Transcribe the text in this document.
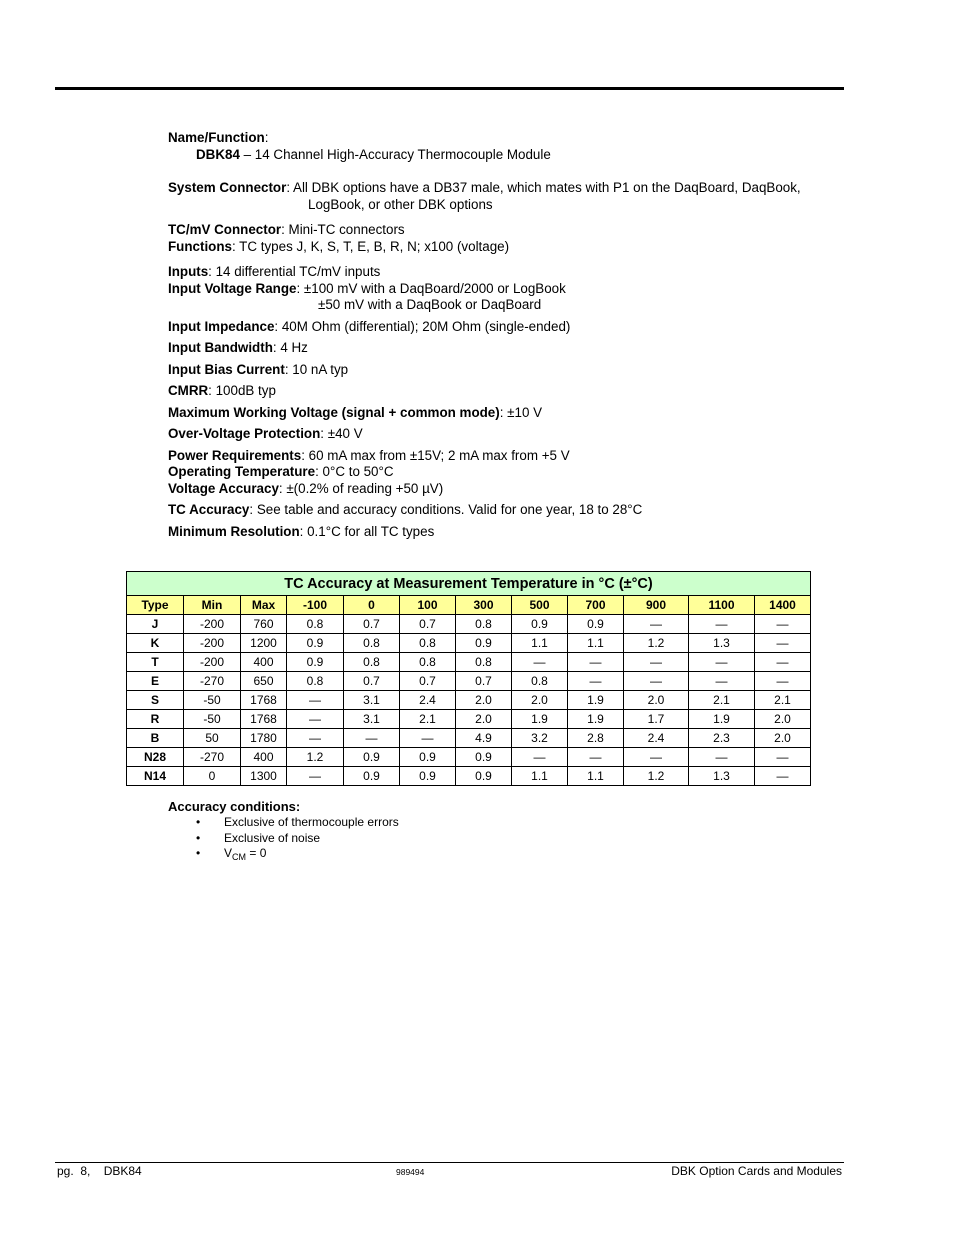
Name/Function:
DBK84 – 14 Channel High-Accuracy Thermocouple Module
System Connector: All DBK options have a DB37 male, which mates with P1 on the DaqBoard, DaqBook,
LogBook, or other DBK options
TC/mV Connector: Mini-TC connectors
Functions: TC types J, K, S, T, E, B, R, N; x100 (voltage)
Inputs: 14 differential TC/mV inputs
Input Voltage Range: ±100 mV with a DaqBoard/2000 or LogBook
±50 mV with a DaqBook or DaqBoard
Input Impedance: 40M Ohm (differential); 20M Ohm (single-ended)
Input Bandwidth: 4 Hz
Input Bias Current: 10 nA typ
CMRR: 100dB typ
Maximum Working Voltage (signal + common mode): ±10 V
Over-Voltage Protection: ±40 V
Power Requirements: 60 mA max from ±15V; 2 mA max from +5 V
Operating Temperature: 0°C to 50°C
Voltage Accuracy: ±(0.2% of reading +50 µV)
TC Accuracy: See table and accuracy conditions. Valid for one year, 18 to 28°C
Minimum Resolution: 0.1°C for all TC types
TC Accuracy at Measurement Temperature in °C (±°C)											
Type	Min	Max	-100	0	100	300	500	700	900	1100	1400
J	-200	760	0.8	0.7	0.7	0.8	0.9	0.9	—	—	—
K	-200	1200	0.9	0.8	0.8	0.9	1.1	1.1	1.2	1.3	—
T	-200	400	0.9	0.8	0.8	0.8	—	—	—	—	—
E	-270	650	0.8	0.7	0.7	0.7	0.8	—	—	—	—
S	-50	1768	—	3.1	2.4	2.0	2.0	1.9	2.0	2.1	2.1
R	-50	1768	—	3.1	2.1	2.0	1.9	1.9	1.7	1.9	2.0
B	50	1780	—	—	—	4.9	3.2	2.8	2.4	2.3	2.0
N28	-270	400	1.2	0.9	0.9	0.9	—	—	—	—	—
N14	0	1300	—	0.9	0.9	0.9	1.1	1.1	1.2	1.3	—
Accuracy conditions:
• Exclusive of thermocouple errors
• Exclusive of noise
• $V_{CM} = 0$
pg.  8,    DBK84	989494	DBK Option Cards and Modules
